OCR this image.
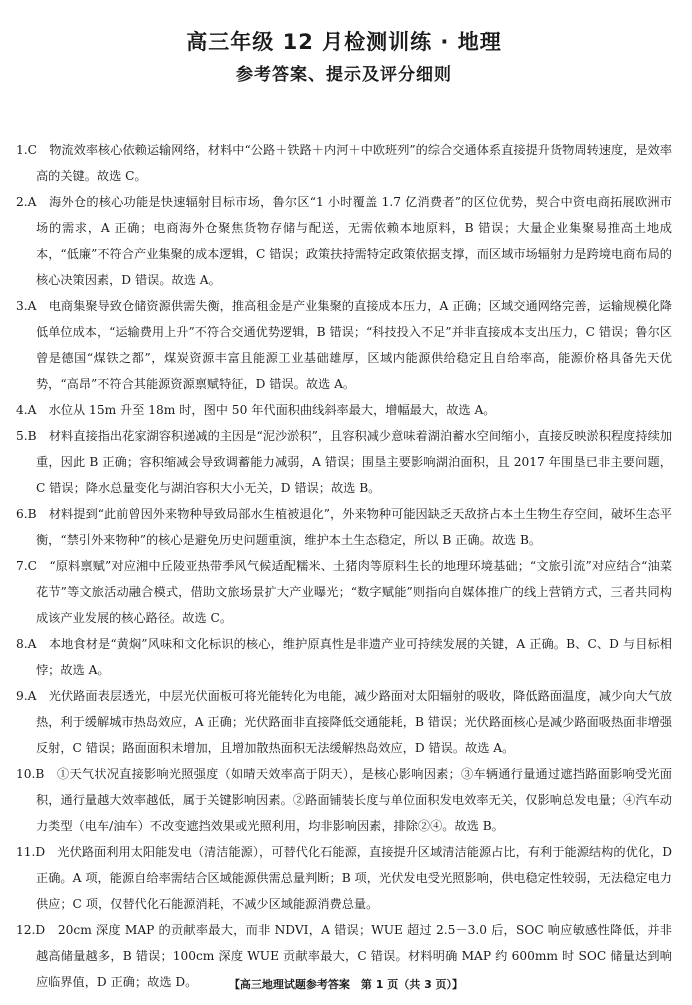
高三年级 12 月检测训练 · 地理
参考答案、提示及评分细则

1.C　 物流效率核心依赖运输网络，材料中“公路＋铁路＋内河＋中欧班列”的综合交通体系直接提升货物周转速度，是效率高的关键。故选 C。

2.A　 海外仓的核心功能是快速辐射目标市场，鲁尔区“1 小时覆盖 1.7 亿消费者”的区位优势，契合中资电商拓展欧洲市场的需求，A 正确；电商海外仓聚焦货物存储与配送，无需依赖本地原料，B 错误；大量企业集聚易推高土地成本，“低廉”不符合产业集聚的成本逻辑，C 错误；政策扶持需特定政策依据支撑，而区域市场辐射力是跨境电商布局的核心决策因素，D 错误。故选 A。

3.A　 电商集聚导致仓储资源供需失衡，推高租金是产业集聚的直接成本压力，A 正确；区域交通网络完善，运输规模化降低单位成本，“运输费用上升”不符合交通优势逻辑，B 错误；“科技投入不足”并非直接成本支出压力，C 错误；鲁尔区曾是德国“煤铁之都”，煤炭资源丰富且能源工业基础雄厚，区域内能源供给稳定且自给率高，能源价格具备先天优势，“高昂”不符合其能源资源禀赋特征，D 错误。故选 A。

4.A　 水位从 15m 升至 18m 时，图中 50 年代面积曲线斜率最大，增幅最大，故选 A。

5.B　 材料直接指出花家湖容积递减的主因是“泥沙淤积”，且容积减少意味着湖泊蓄水空间缩小，直接反映淤积程度持续加重，因此 B 正确；容积缩减会导致调蓄能力减弱，A 错误；围垦主要影响湖泊面积，且 2017 年围垦已非主要问题，C 错误；降水总量变化与湖泊容积大小无关，D 错误；故选 B。

6.B　 材料提到“此前曾因外来物种导致局部水生植被退化”，外来物种可能因缺乏天敌挤占本土生物生存空间，破坏生态平衡，“禁引外来物种”的核心是避免历史问题重演，维护本土生态稳定，所以 B 正确。故选 B。

7.C　 “原料禀赋”对应湘中丘陵亚热带季风气候适配糯米、土猪肉等原料生长的地理环境基础；“文旅引流”对应结合“油菜花节”等文旅活动融合模式，借助文旅场景扩大产业曝光；“数字赋能”则指向自媒体推广的线上营销方式，三者共同构成该产业发展的核心路径。故选 C。

8.A　 本地食材是“黄焖”风味和文化标识的核心，维护原真性是非遗产业可持续发展的关键，A 正确。B、C、D 与目标相悖；故选 A。

9.A　 光伏路面表层透光，中层光伏面板可将光能转化为电能，减少路面对太阳辐射的吸收，降低路面温度，减少向大气放热，利于缓解城市热岛效应，A 正确；光伏路面非直接降低交通能耗，B 错误；光伏路面核心是减少路面吸热面非增强反射，C 错误；路面面积未增加，且增加散热面积无法缓解热岛效应，D 错误。故选 A。

10.B　 ①天气状况直接影响光照强度（如晴天效率高于阴天），是核心影响因素；③车辆通行量通过遮挡路面影响受光面积，通行量越大效率越低，属于关键影响因素。②路面铺装长度与单位面积发电效率无关，仅影响总发电量；④汽车动力类型（电车/油车）不改变遮挡效果或光照利用，均非影响因素，排除②④。故选 B。

11.D　 光伏路面利用太阳能发电（清洁能源），可替代化石能源，直接提升区域清洁能源占比，有利于能源结构的优化，D 正确。A 项，能源自给率需结合区域能源供需总量判断；B 项，光伏发电受光照影响，供电稳定性较弱，无法稳定电力供应；C 项，仅替代化石能源消耗，不减少区域能源消费总量。

12.D　 20cm 深度 MAP 的贡献率最大，而非 NDVI，A 错误；WUE 超过 2.5－3.0 后，SOC 响应敏感性降低，并非越高储量越多，B 错误；100cm 深度 WUE 贡献率最大，C 错误。材料明确 MAP 约 600mm 时 SOC 储量达到响应临界值，D 正确；故选 D。	【高三地理试题参考答案　第 1 页（共 3 页）】
